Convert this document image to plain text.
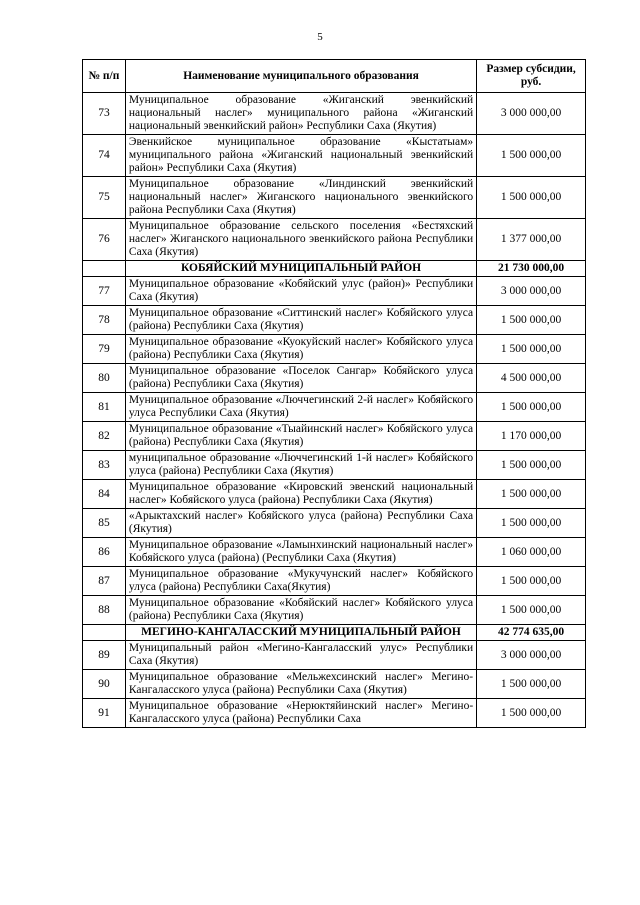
5
№ п/п	Наименование муниципального образования	Размер субсидии, руб.
73	Муниципальное образование «Жиганский эвенкийский национальный наслег» муниципального района «Жиганский национальный эвенкийский район» Республики Саха (Якутия)	3 000 000,00
74	Эвенкийское муниципальное образование «Кыстатыам» муниципального района «Жиганский национальный эвенкийский район» Республики Саха (Якутия)	1 500 000,00
75	Муниципальное образование «Линдинский эвенкийский национальный наслег» Жиганского национального эвенкийского района Республики Саха (Якутия)	1 500 000,00
76	Муниципальное образование сельского поселения «Бестяхский наслег» Жиганского национального эвенкийского района Республики Саха (Якутия)	1 377 000,00
	КОБЯЙСКИЙ МУНИЦИПАЛЬНЫЙ РАЙОН	21 730 000,00
77	Муниципальное образование «Кобяйский улус (район)» Республики Саха (Якутия)	3 000 000,00
78	Муниципальное образование «Ситтинский наслег» Кобяйского улуса (района) Республики Саха (Якутия)	1 500 000,00
79	Муниципальное образование «Куокуйский наслег» Кобяйского улуса (района) Республики Саха (Якутия)	1 500 000,00
80	Муниципальное образование «Поселок Сангар» Кобяйского улуса (района) Республики Саха (Якутия)	4 500 000,00
81	Муниципальное образование «Люччегинский 2-й наслег» Кобяйского улуса Республики Саха (Якутия)	1 500 000,00
82	Муниципальное образование «Тыайинский наслег» Кобяйского улуса (района) Республики Саха (Якутия)	1 170 000,00
83	муниципальное образование «Люччегинский 1-й наслег» Кобяйского улуса (района) Республики Саха (Якутия)	1 500 000,00
84	Муниципальное образование «Кировский эвенский национальный наслег» Кобяйского улуса (района) Республики Саха (Якутия)	1 500 000,00
85	«Арыктахский наслег» Кобяйского улуса (района) Республики Саха (Якутия)	1 500 000,00
86	Муниципальное образование «Ламынхинский национальный наслег» Кобяйского улуса (района) (Республики Саха (Якутия)	1 060 000,00
87	Муниципальное образование «Мукучунский наслег» Кобяйского улуса (района) Республики Саха(Якутия)	1 500 000,00
88	Муниципальное образование «Кобяйский наслег» Кобяйского улуса (района) Республики Саха (Якутия)	1 500 000,00
	МЕГИНО-КАНГАЛАССКИЙ МУНИЦИПАЛЬНЫЙ РАЙОН	42 774 635,00
89	Муниципальный район «Мегино-Кангаласский улус» Республики Саха (Якутия)	3 000 000,00
90	Муниципальное образование «Мельжехсинский наслег» Мегино-Кангаласского улуса (района) Республики Саха (Якутия)	1 500 000,00
91	Муниципальное образование «Нерюктяйинский наслег» Мегино-Кангаласского улуса (района) Республики Саха	1 500 000,00
